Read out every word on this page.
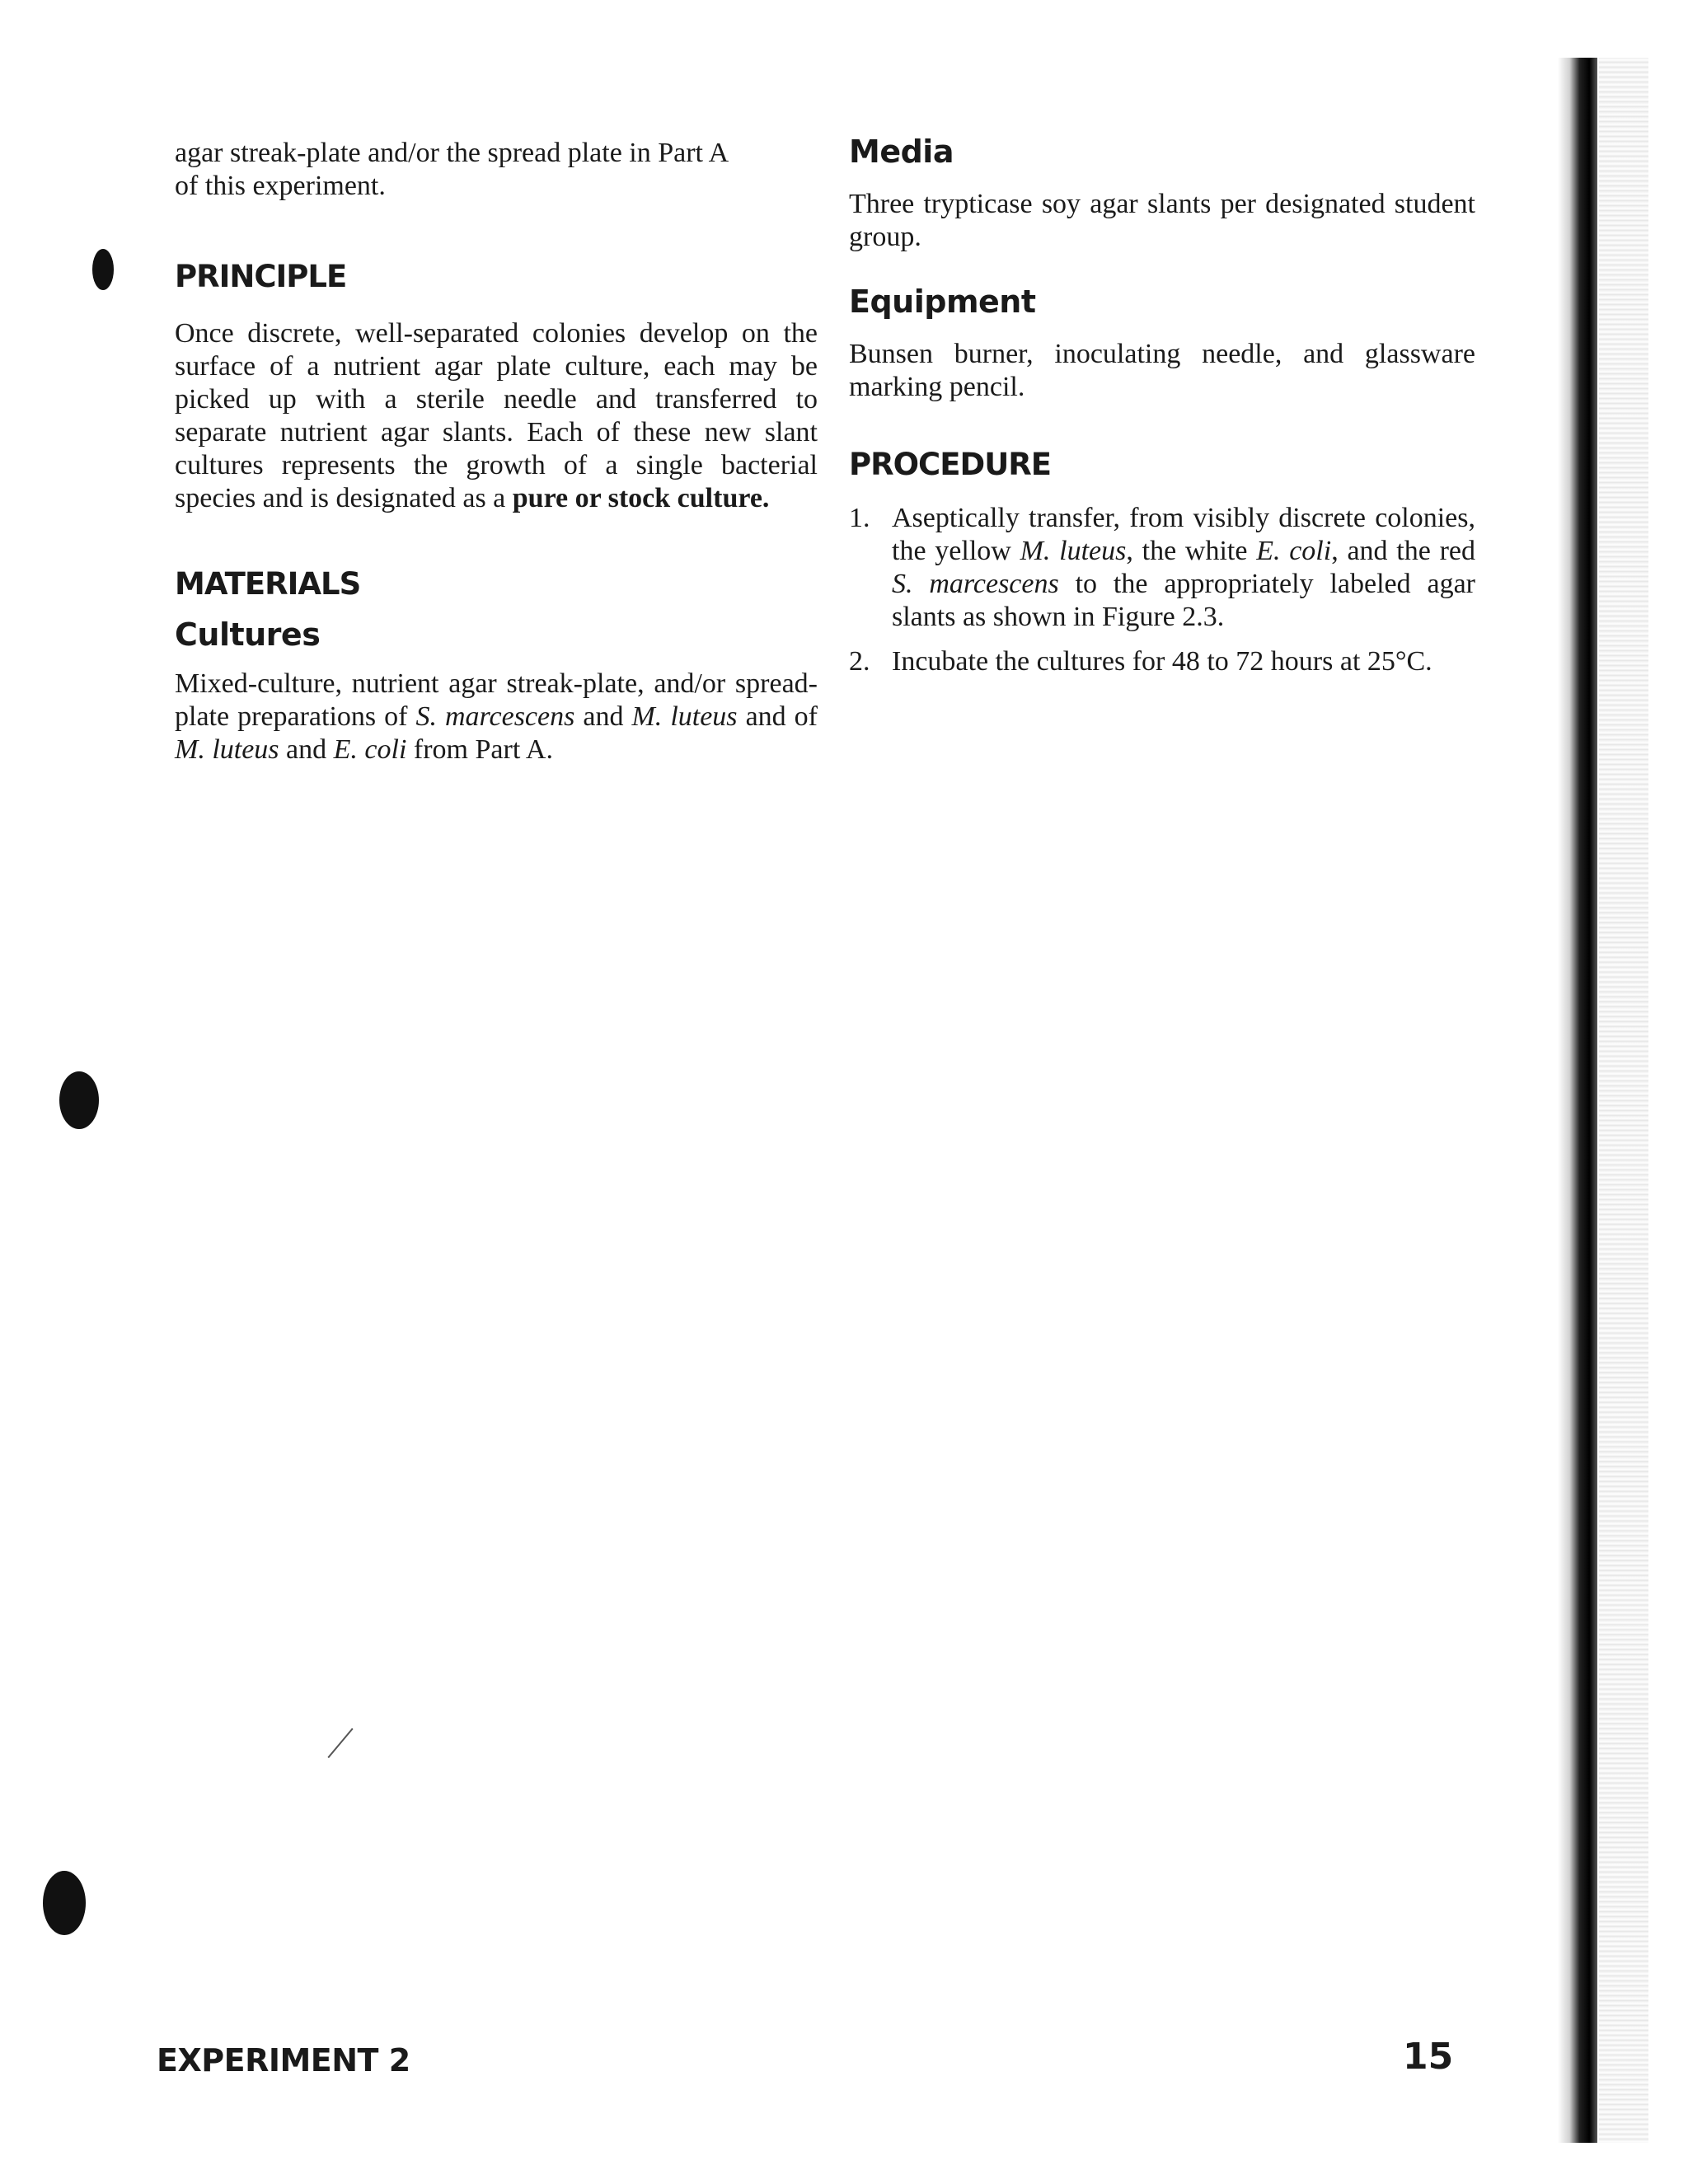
agar streak-plate and/or the spread plate in Part A
of this experiment.

PRINCIPLE

Once discrete, well-separated colonies develop on the surface of a nutrient agar plate culture, each may be picked up with a sterile needle and transferred to separate nutrient agar slants. Each of these new slant cultures represents the growth of a single bacterial species and is designated as a pure or stock culture.

MATERIALS
Cultures

Mixed-culture, nutrient agar streak-plate, and/or spread-plate preparations of S. marcescens and M. luteus and of M. luteus and E. coli from Part A.

Media

Three trypticase soy agar slants per designated student group.

Equipment

Bunsen burner, inoculating needle, and glassware marking pencil.

PROCEDURE
1. Aseptically transfer, from visibly discrete colonies, the yellow M. luteus, the white E. coli, and the red S. marcescens to the appropriately labeled agar slants as shown in Figure 2.3.
2. Incubate the cultures for 48 to 72 hours at 25°C.
EXPERIMENT 2	15
